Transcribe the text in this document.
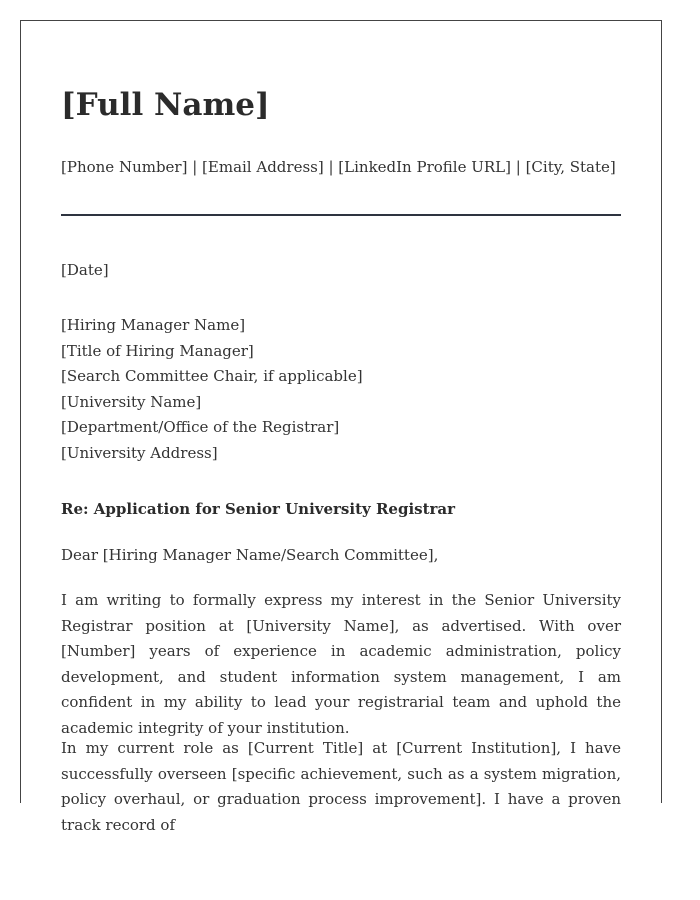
[Full Name]
[Phone Number] | [Email Address] | [LinkedIn Profile URL] | [City, State]
[Date]
[Hiring Manager Name]
[Title of Hiring Manager]
[Search Committee Chair, if applicable]
[University Name]
[Department/Office of the Registrar]
[University Address]
Re: Application for Senior University Registrar
Dear [Hiring Manager Name/Search Committee],

I am writing to formally express my interest in the Senior University Registrar position at [University Name], as advertised. With over [Number] years of experience in academic administration, policy development, and student information system management, I am confident in my ability to lead your registrarial team and uphold the academic integrity of your institution.

In my current role as [Current Title] at [Current Institution], I have successfully overseen [specific achievement, such as a system migration, policy overhaul, or graduation process improvement]. I have a proven track record of
